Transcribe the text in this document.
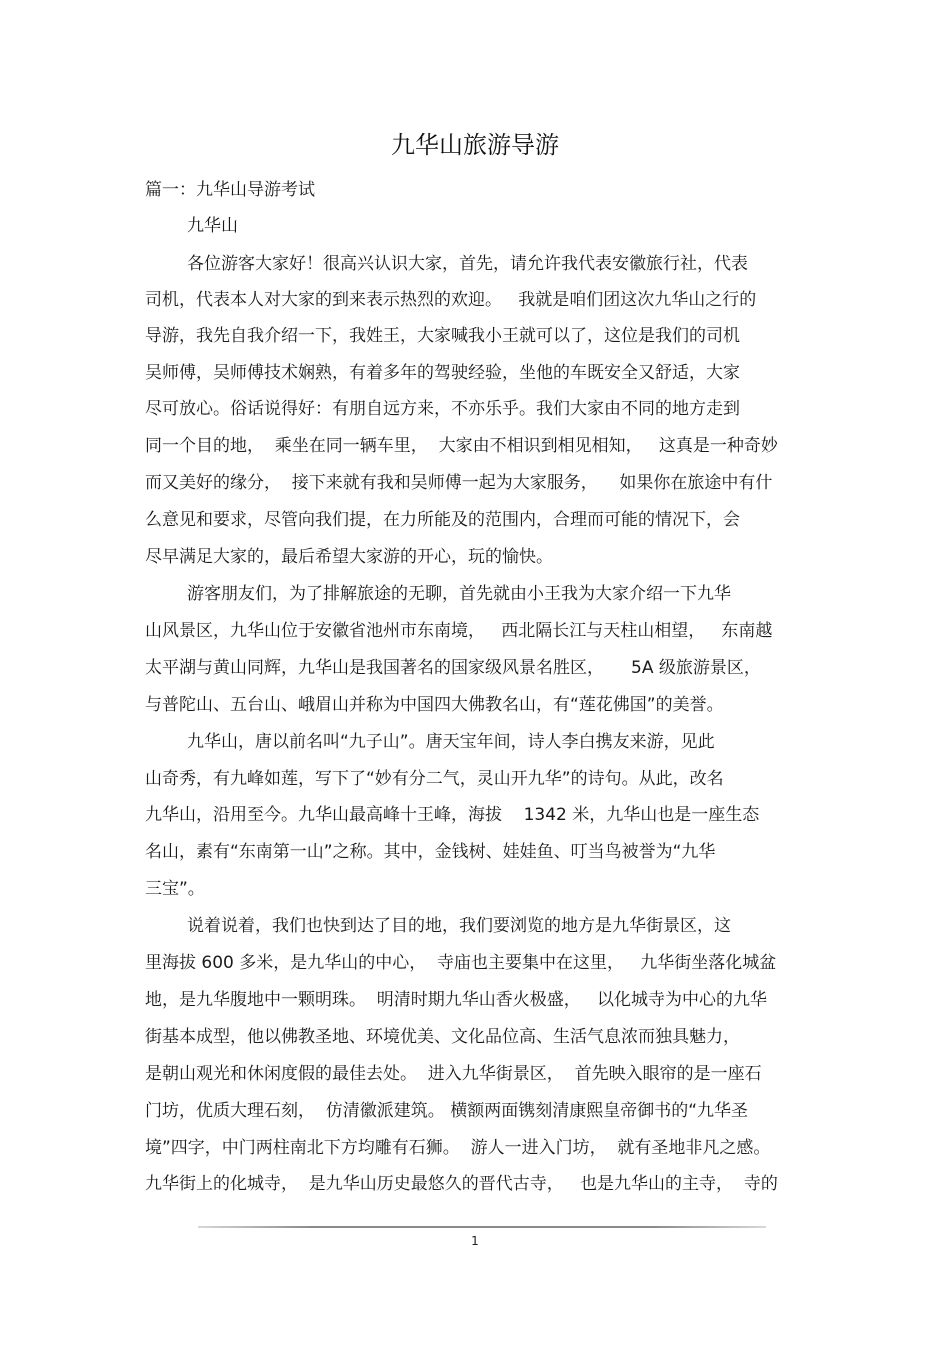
九华山旅游导游
篇一：九华山导游考试
九华山
各位游客大家好！很高兴认识大家，首先，请允许我代表安徽旅行社，代表
司机，代表本人对大家的到来表示热烈的欢迎。   我就是咱们团这次九华山之行的
导游，我先自我介绍一下，我姓王，大家喊我小王就可以了，这位是我们的司机
吴师傅，吴师傅技术娴熟，有着多年的驾驶经验，坐他的车既安全又舒适，大家
尽可放心。俗话说得好：有朋自远方来，不亦乐乎。我们大家由不同的地方走到
同一个目的地，  乘坐在同一辆车里，  大家由不相识到相见相知，   这真是一种奇妙
而又美好的缘分，  接下来就有我和吴师傅一起为大家服务，    如果你在旅途中有什
么意见和要求，尽管向我们提，在力所能及的范围内，合理而可能的情况下，会
尽早满足大家的，最后希望大家游的开心，玩的愉快。
游客朋友们，为了排解旅途的无聊，首先就由小王我为大家介绍一下九华
山风景区，九华山位于安徽省池州市东南境，   西北隔长江与天柱山相望，   东南越
太平湖与黄山同辉，九华山是我国著名的国家级风景名胜区，     5A 级旅游景区，
与普陀山、五台山、峨眉山并称为中国四大佛教名山，有“莲花佛国”的美誉。
九华山，唐以前名叫“九子山”。唐天宝年间，诗人李白携友来游，见此
山奇秀，有九峰如莲，写下了“妙有分二气，灵山开九华”的诗句。从此，改名
九华山，沿用至今。九华山最高峰十王峰，海拔    1342 米，九华山也是一座生态
名山，素有“东南第一山”之称。其中，金钱树、娃娃鱼、叮当鸟被誉为“九华
三宝”。
说着说着，我们也快到达了目的地，我们要浏览的地方是九华街景区，这
里海拔 600 多米，是九华山的中心，  寺庙也主要集中在这里，   九华街坐落化城盆
地，是九华腹地中一颗明珠。  明清时期九华山香火极盛，   以化城寺为中心的九华
街基本成型，他以佛教圣地、环境优美、文化品位高、生活气息浓而独具魅力，
是朝山观光和休闲度假的最佳去处。  进入九华街景区，  首先映入眼帘的是一座石
门坊，优质大理石刻，  仿清徽派建筑。 横额两面镌刻清康熙皇帝御书的“九华圣
境”四字，中门两柱南北下方均雕有石狮。  游人一进入门坊，  就有圣地非凡之感。
九华街上的化城寺，  是九华山历史最悠久的晋代古寺，   也是九华山的主寺，  寺的
1
